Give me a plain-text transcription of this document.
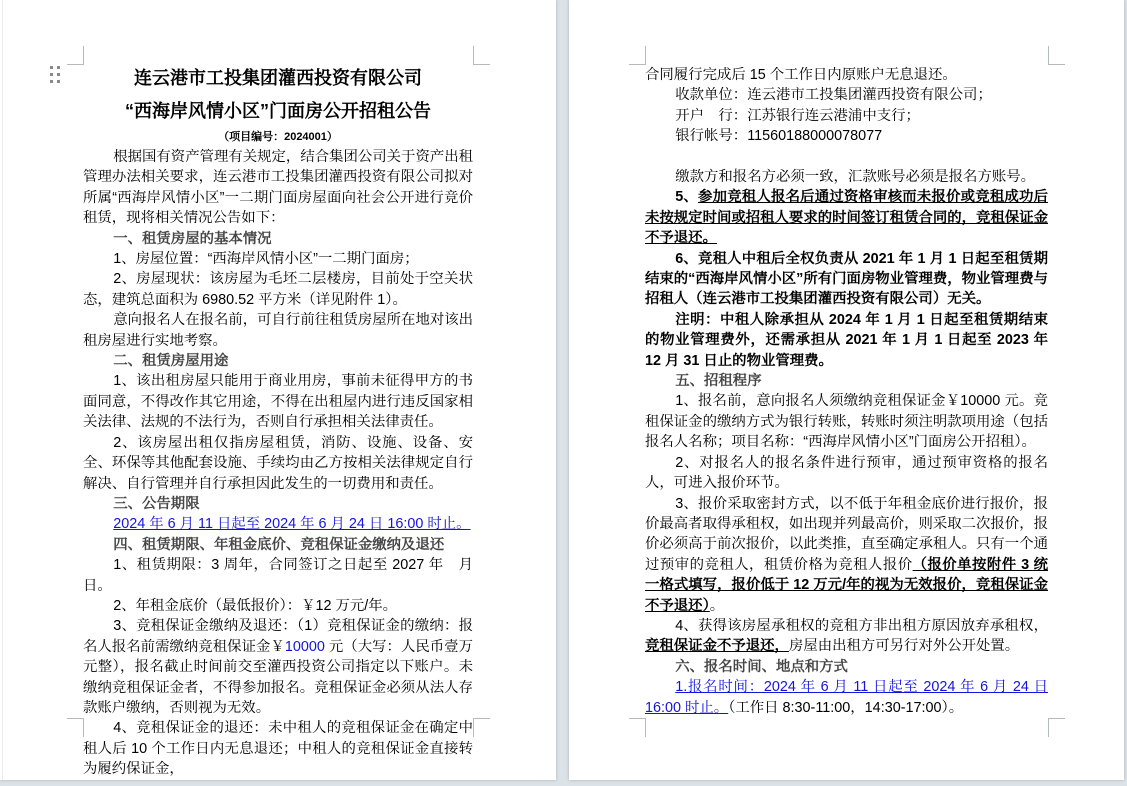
连云港市工投集团灌西投资有限公司
“西海岸风情小区”门面房公开招租公告
（项目编号：2024001）
根据国有资产管理有关规定，结合集团公司关于资产出租管理办法相关要求，连云港市工投集团灌西投资有限公司拟对所属“西海岸风情小区”一二期门面房屋面向社会公开进行竞价租赁，现将相关情况公告如下：
一、租赁房屋的基本情况
1、房屋位置：“西海岸风情小区”一二期门面房；
2、房屋现状：该房屋为毛坯二层楼房，目前处于空关状态，建筑总面积为 6980.52 平方米（详见附件 1）。
意向报名人在报名前，可自行前往租赁房屋所在地对该出租房屋进行实地考察。
二、租赁房屋用途
1、该出租房屋只能用于商业用房，事前未征得甲方的书面同意，不得改作其它用途，不得在出租屋内进行违反国家相关法律、法规的不法行为，否则自行承担相关法律责任。
2、该房屋出租仅指房屋租赁，消防、设施、设备、安全、环保等其他配套设施、手续均由乙方按相关法律规定自行解决、自行管理并自行承担因此发生的一切费用和责任。
三、公告期限
2024 年 6 月 11 日起至 2024 年 6 月 24 日 16:00 时止。
四、租赁期限、年租金底价、竞租保证金缴纳及退还
1、租赁期限：3 周年，合同签订之日起至 2027 年　月　日。
2、年租金底价（最低报价）：￥12 万元/年。
3、竞租保证金缴纳及退还：（1）竞租保证金的缴纳：报名人报名前需缴纳竞租保证金￥10000 元（大写：人民币壹万元整），报名截止时间前交至灌西投资公司指定以下账户。未缴纳竞租保证金者，不得参加报名。竞租保证金必须从法人存款账户缴纳，否则视为无效。
4、竞租保证金的退还：未中租人的竞租保证金在确定中租人后 10 个工作日内无息退还；中租人的竞租保证金直接转为履约保证金，
合同履行完成后 15 个工作日内原账户无息退还。
收款单位：连云港市工投集团灌西投资有限公司；
开户　行：江苏银行连云港浦中支行；
银行帐号：11560188000078077
缴款方和报名方必须一致，汇款账号必须是报名方账号。
5、参加竞租人报名后通过资格审核而未报价或竞租成功后未按规定时间或招租人要求的时间签订租赁合同的，竞租保证金不予退还。
6、竞租人中租后全权负责从 2021 年 1 月 1 日起至租赁期结束的“西海岸风情小区”所有门面房物业管理费，物业管理费与招租人（连云港市工投集团灌西投资有限公司）无关。
注明：中租人除承担从 2024 年 1 月 1 日起至租赁期结束的物业管理费外，还需承担从 2021 年 1 月 1 日起至 2023 年 12 月 31 日止的物业管理费。
五、招租程序
1、报名前，意向报名人须缴纳竞租保证金￥10000 元。竞租保证金的缴纳方式为银行转账，转账时须注明款项用途（包括报名人名称；项目名称：“西海岸风情小区”门面房公开招租）。
2、对报名人的报名条件进行预审，通过预审资格的报名人，可进入报价环节。
3、报价采取密封方式，以不低于年租金底价进行报价，报价最高者取得承租权，如出现并列最高价，则采取二次报价，报价必须高于前次报价，以此类推，直至确定承租人。只有一个通过预审的竞租人，租赁价格为竞租人报价（报价单按附件 3 统一格式填写，报价低于 12 万元/年的视为无效报价，竞租保证金不予退还）。
4、获得该房屋承租权的竞租方非出租方原因放弃承租权，竞租保证金不予退还，房屋由出租方可另行对外公开处置。
六、报名时间、地点和方式
1.报名时间：2024 年 6 月 11 日起至 2024 年 6 月 24 日 16:00 时止。（工作日 8:30-11:00，14:30-17:00）。
